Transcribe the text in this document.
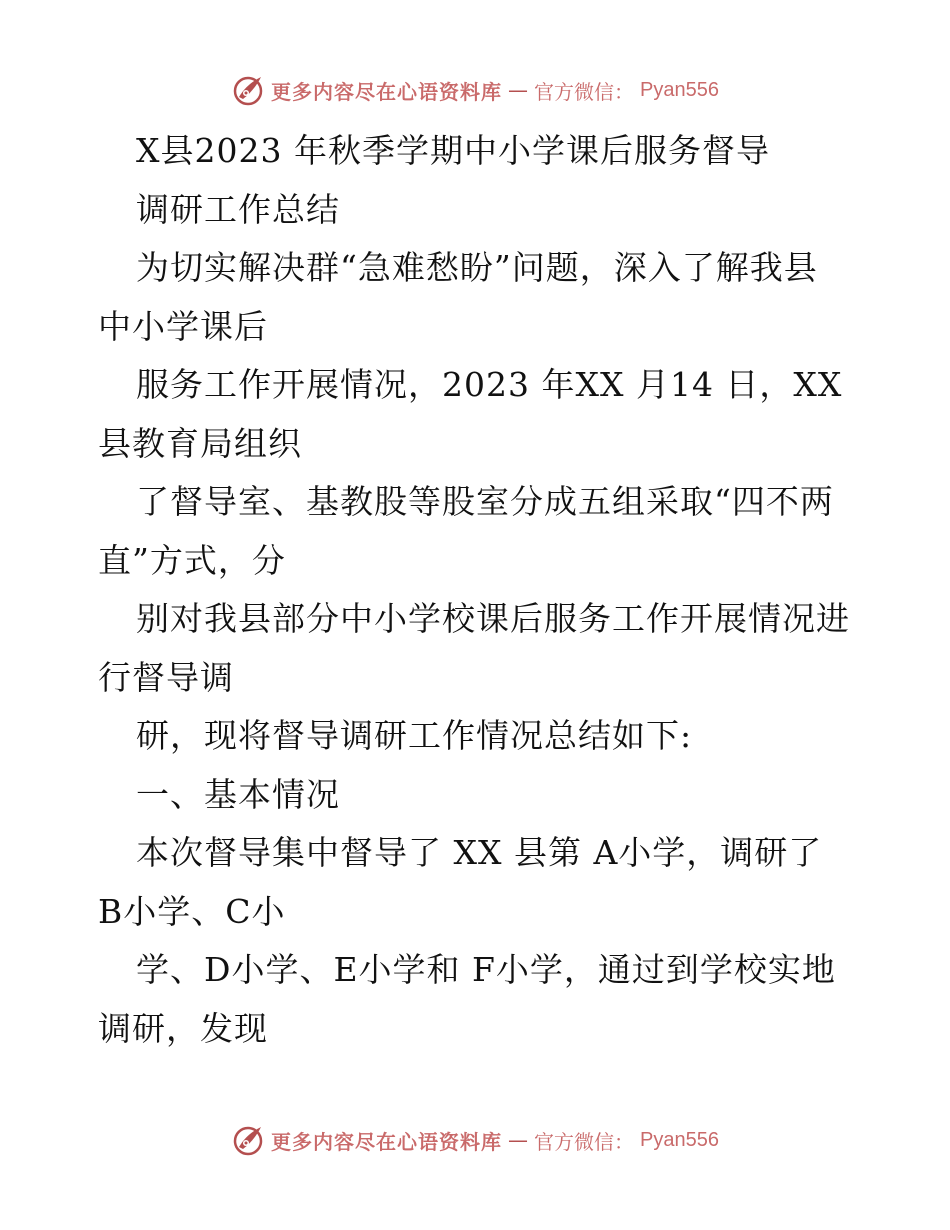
更多内容尽在心语资料库 — 官方微信： Pyan556
X县2023 年秋季学期中小学课后服务督导
调研工作总结
为切实解决群“急难愁盼”问题，深入了解我县
中小学课后
服务工作开展情况，2023 年XX 月14 日，XX
县教育局组织
了督导室、基教股等股室分成五组采取“四不两
直”方式，分
别对我县部分中小学校课后服务工作开展情况进
行督导调
研，现将督导调研工作情况总结如下:
一、基本情况
本次督导集中督导了 XX 县第 A小学，调研了
B小学、C小
学、D小学、E小学和 F小学，通过到学校实地
调研，发现
更多内容尽在心语资料库 — 官方微信： Pyan556
